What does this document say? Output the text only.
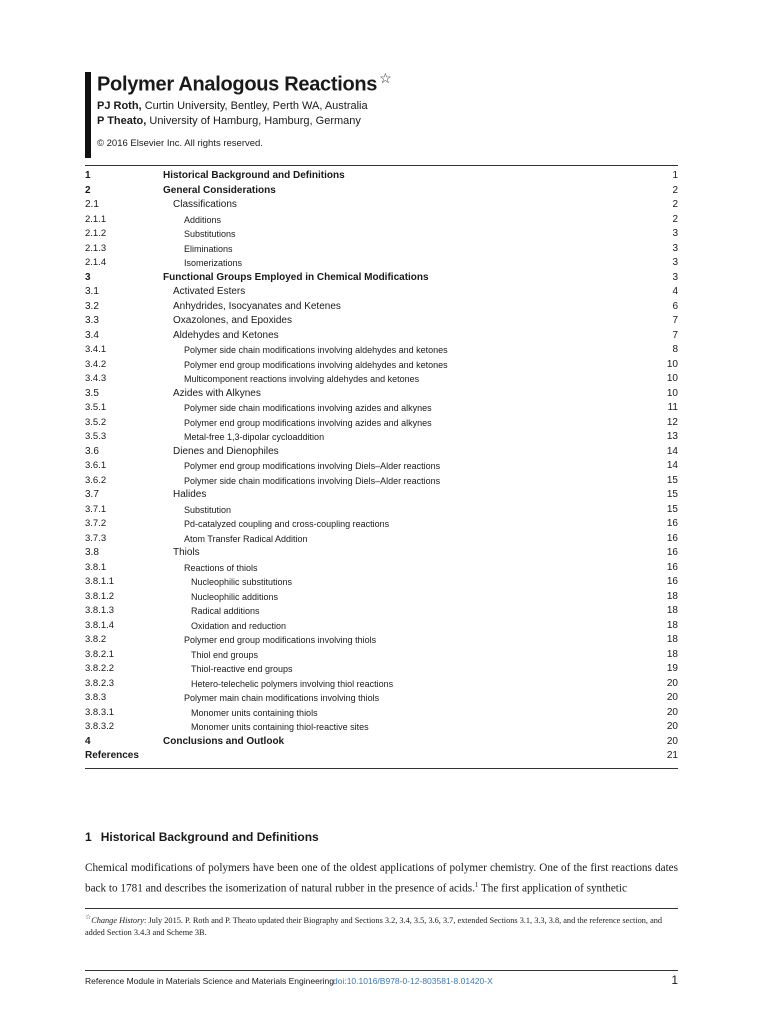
Polymer Analogous Reactions ☆
PJ Roth, Curtin University, Bentley, Perth WA, Australia
P Theato, University of Hamburg, Hamburg, Germany
© 2016 Elsevier Inc. All rights reserved.
1	Historical Background and Definitions	1
2	General Considerations	2
2.1	Classifications	2
2.1.1	Additions	2
2.1.2	Substitutions	3
2.1.3	Eliminations	3
2.1.4	Isomerizations	3
3	Functional Groups Employed in Chemical Modifications	3
3.1	Activated Esters	4
3.2	Anhydrides, Isocyanates and Ketenes	6
3.3	Oxazolones, and Epoxides	7
3.4	Aldehydes and Ketones	7
3.4.1	Polymer side chain modifications involving aldehydes and ketones	8
3.4.2	Polymer end group modifications involving aldehydes and ketones	10
3.4.3	Multicomponent reactions involving aldehydes and ketones	10
3.5	Azides with Alkynes	10
3.5.1	Polymer side chain modifications involving azides and alkynes	11
3.5.2	Polymer end group modifications involving azides and alkynes	12
3.5.3	Metal-free 1,3-dipolar cycloaddition	13
3.6	Dienes and Dienophiles	14
3.6.1	Polymer end group modifications involving Diels–Alder reactions	14
3.6.2	Polymer side chain modifications involving Diels–Alder reactions	15
3.7	Halides	15
3.7.1	Substitution	15
3.7.2	Pd-catalyzed coupling and cross-coupling reactions	16
3.7.3	Atom Transfer Radical Addition	16
3.8	Thiols	16
3.8.1	Reactions of thiols	16
3.8.1.1	Nucleophilic substitutions	16
3.8.1.2	Nucleophilic additions	18
3.8.1.3	Radical additions	18
3.8.1.4	Oxidation and reduction	18
3.8.2	Polymer end group modifications involving thiols	18
3.8.2.1	Thiol end groups	18
3.8.2.2	Thiol-reactive end groups	19
3.8.2.3	Hetero-telechelic polymers involving thiol reactions	20
3.8.3	Polymer main chain modifications involving thiols	20
3.8.3.1	Monomer units containing thiols	20
3.8.3.2	Monomer units containing thiol-reactive sites	20
4	Conclusions and Outlook	20
References	21
1 Historical Background and Definitions
Chemical modifications of polymers have been one of the oldest applications of polymer chemistry. One of the first reactions dates back to 1781 and describes the isomerization of natural rubber in the presence of acids.$^1$ The first application of synthetic
☆Change History: July 2015. P. Roth and P. Theato updated their Biography and Sections 3.2, 3.4, 3.5, 3.6, 3.7, extended Sections 3.1, 3.3, 3.8, and the reference section, and added Section 3.4.3 and Scheme 3B.
Reference Module in Materials Science and Materials Engineering doi:10.1016/B978-0-12-803581-8.01420-X	1
